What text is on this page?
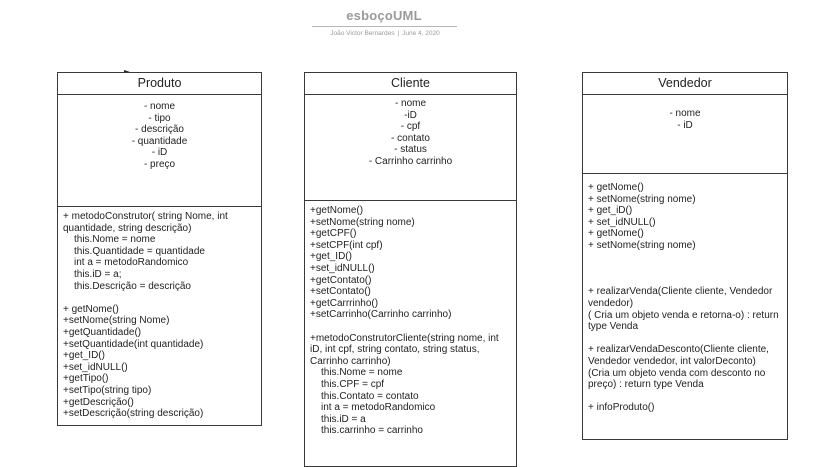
esboçoUML
João Victor Bernardes | June 4, 2020
Produto
- nome
- tipo
- descrição
- quantidade
- iD
- preço
+ metodoConstrutor( string Nome, int quantidade, string descrição)
this.Nome = nome
this.Quantidade = quantidade
int a = metodoRandomico
this.iD = a;
this.Descrição = descrição
+ getNome()
+setNome(string Nome)
+getQuantidade()
+setQuantidade(int quantidade)
+get_ID()
+set_idNULL()
+getTipo()
+setTipo(string tipo)
+getDescrição()
+setDescrição(string descrição)
Cliente
- nome
-iD
- cpf
- contato
- status
- Carrinho carrinho
+getNome()
+setNome(string nome)
+getCPF()
+setCPF(int cpf)
+get_ID()
+set_idNULL()
+getContato()
+setContato()
+getCarrrinho()
+setCarrinho(Carrinho carrinho)
+metodoConstrutorCliente(string nome, int iD, int cpf, string contato, string status, Carrinho carrinho)
this.Nome = nome
this.CPF = cpf
this.Contato = contato
int a = metodoRandomico
this.iD = a
this.carrinho = carrinho
Vendedor
- nome
- iD
+ getNome()
+ setNome(string nome)
+ get_iD()
+ set_idNULL()
+ getNome()
+ setNome(string nome)
+ realizarVenda(Cliente cliente, Vendedor vendedor)
( Cria um objeto venda e retorna-o) : return type Venda
+ realizarVendaDesconto(Cliente cliente, Vendedor vendedor, int valorDeconto)
(Cria um objeto venda com desconto no preço) : return type Venda
+ infoProduto()
